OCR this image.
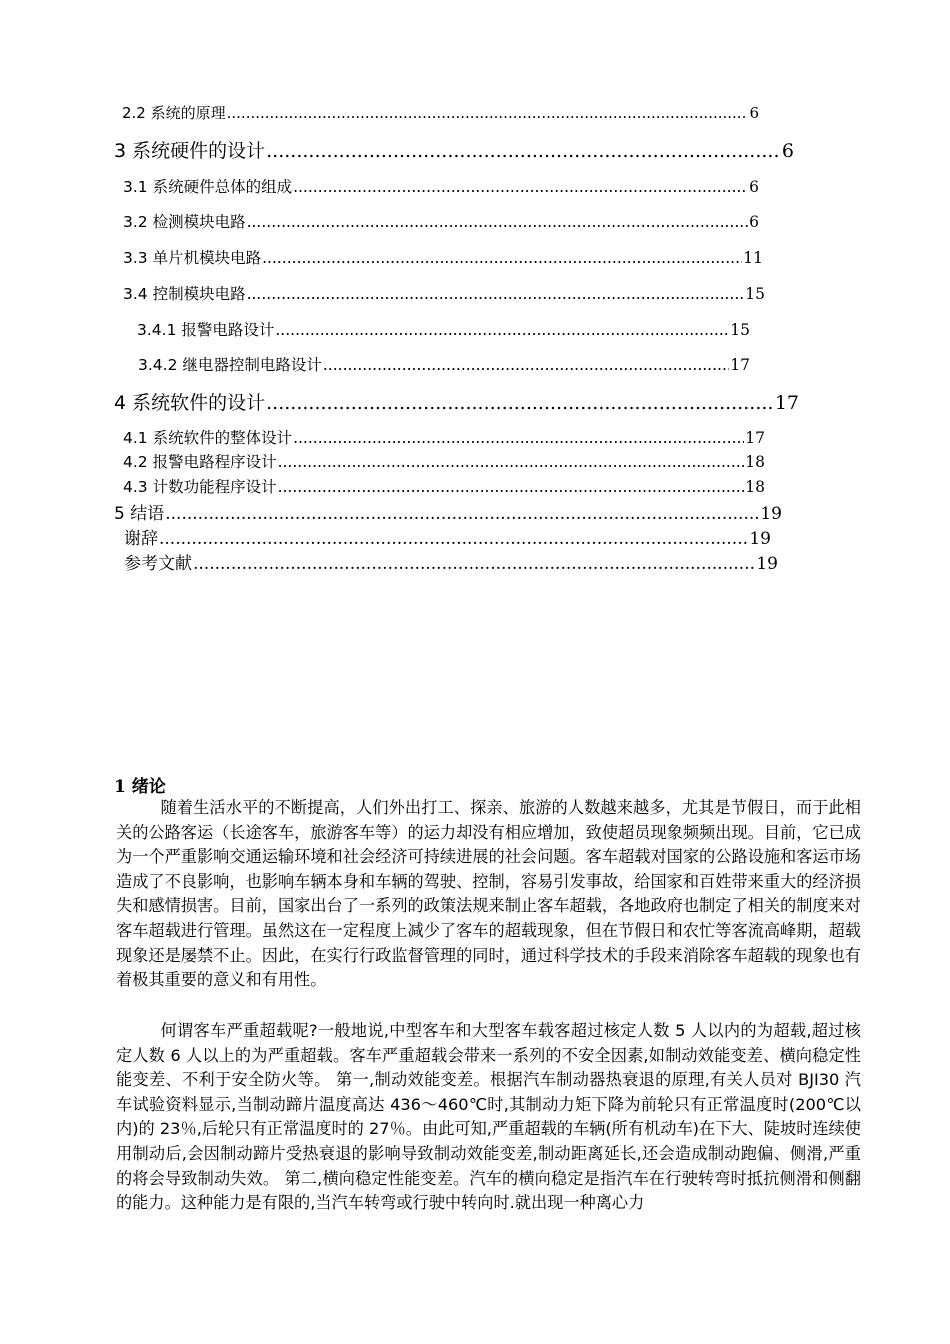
2.2 系统的原理 .....	6
3 系统硬件的设计 .....	6
3.1 系统硬件总体的组成 .....	6
3.2 检测模块电路 .....	6
3.3 单片机模块电路 .....	11
3.4 控制模块电路 .....	15
3.4.1 报警电路设计 .....	15
3.4.2 继电器控制电路设计 .....	17
4 系统软件的设计 .....	17
4.1 系统软件的整体设计 .....	17
4.2 报警电路程序设计 .....	18
4.3 计数功能程序设计 .....	18
5 结语 .....	19
谢辞 .....	19
参考文献 .....	19
1 绪论

随着生活水平的不断提高，人们外出打工、探亲、旅游的人数越来越多，尤其是节假日，而于此相关的公路客运（长途客车，旅游客车等）的运力却没有相应增加，致使超员现象频频出现。目前，它已成为一个严重影响交通运输环境和社会经济可持续进展的社会问题。客车超载对国家的公路设施和客运市场造成了不良影响，也影响车辆本身和车辆的驾驶、控制，容易引发事故，给国家和百姓带来重大的经济损失和感情损害。目前，国家出台了一系列的政策法规来制止客车超载，各地政府也制定了相关的制度来对客车超载进行管理。虽然这在一定程度上减少了客车的超载现象，但在节假日和农忙等客流高峰期，超载现象还是屡禁不止。因此，在实行行政监督管理的同时，通过科学技术的手段来消除客车超载的现象也有着极其重要的意义和有用性。

何谓客车严重超载呢?一般地说,中型客车和大型客车载客超过核定人数 5 人以内的为超载,超过核定人数 6 人以上的为严重超载。客车严重超载会带来一系列的不安全因素,如制动效能变差、横向稳定性能变差、不利于安全防火等。 第一,制动效能变差。根据汽车制动器热衰退的原理,有关人员对 BJI30 汽车试验资料显示,当制动蹄片温度高达 436～460℃时,其制动力矩下降为前轮只有正常温度时(200℃以内)的 23％,后轮只有正常温度时的 27％。由此可知,严重超载的车辆(所有机动车)在下大、陡坡时连续使用制动后,会因制动蹄片受热衰退的影响导致制动效能变差,制动距离延长,还会造成制动跑偏、侧滑,严重的将会导致制动失效。 第二,横向稳定性能变差。汽车的横向稳定是指汽车在行驶转弯时抵抗侧滑和侧翻的能力。这种能力是有限的,当汽车转弯或行驶中转向时.就出现一种离心力
